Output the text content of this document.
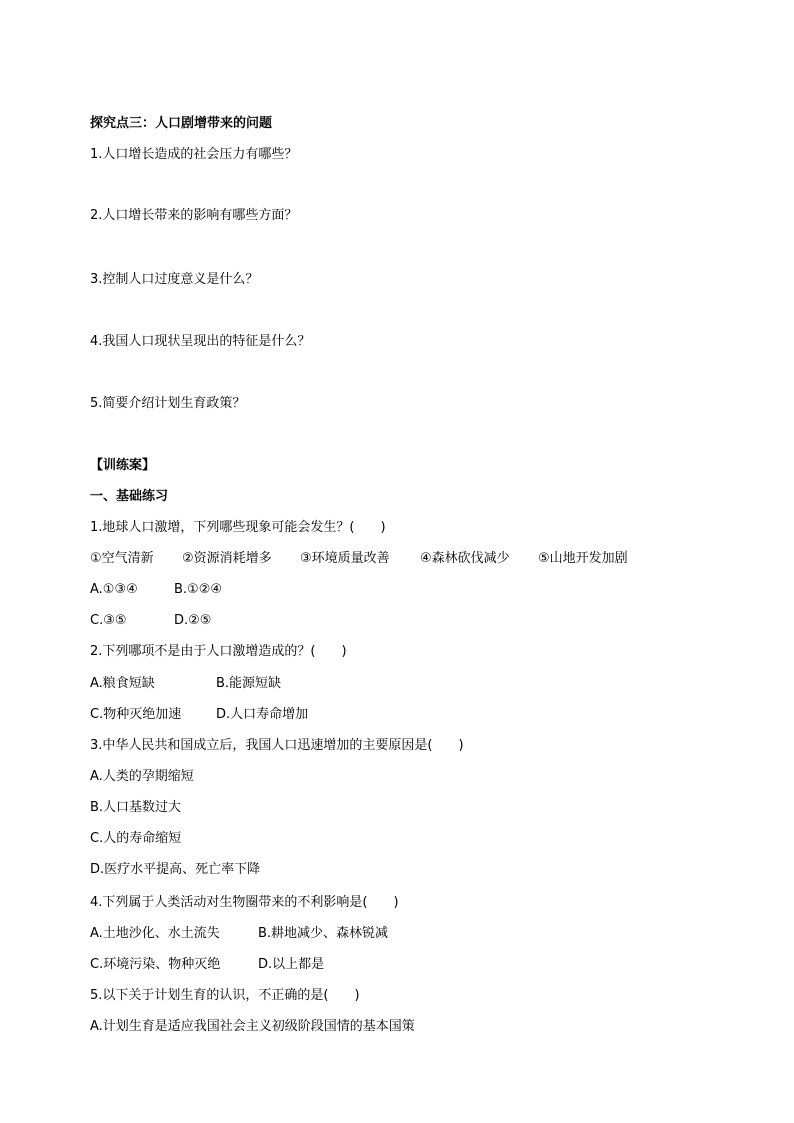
探究点三：人口剧增带来的问题
1.人口增长造成的社会压力有哪些？
2.人口增长带来的影响有哪些方面？
3.控制人口过度意义是什么？
4.我国人口现状呈现出的特征是什么？
5.简要介绍计划生育政策？
【训练案】
一、基础练习
1.地球人口激增，下列哪些现象可能会发生？(　　)
①空气清新 ②资源消耗增多 ③环境质量改善 ④森林砍伐减少 ⑤山地开发加剧
A.①③④	B.①②④
C.③⑤	D.②⑤
2.下列哪项不是由于人口激增造成的？(　　)
A.粮食短缺	B.能源短缺
C.物种灭绝加速	D.人口寿命增加
3.中华人民共和国成立后，我国人口迅速增加的主要原因是(　　)
A.人类的孕期缩短
B.人口基数过大
C.人的寿命缩短
D.医疗水平提高、死亡率下降
4.下列属于人类活动对生物圈带来的不利影响是(　　)
A.土地沙化、水土流失	B.耕地减少、森林锐减
C.环境污染、物种灭绝	D.以上都是
5.以下关于计划生育的认识，不正确的是(　　)
A.计划生育是适应我国社会主义初级阶段国情的基本国策
